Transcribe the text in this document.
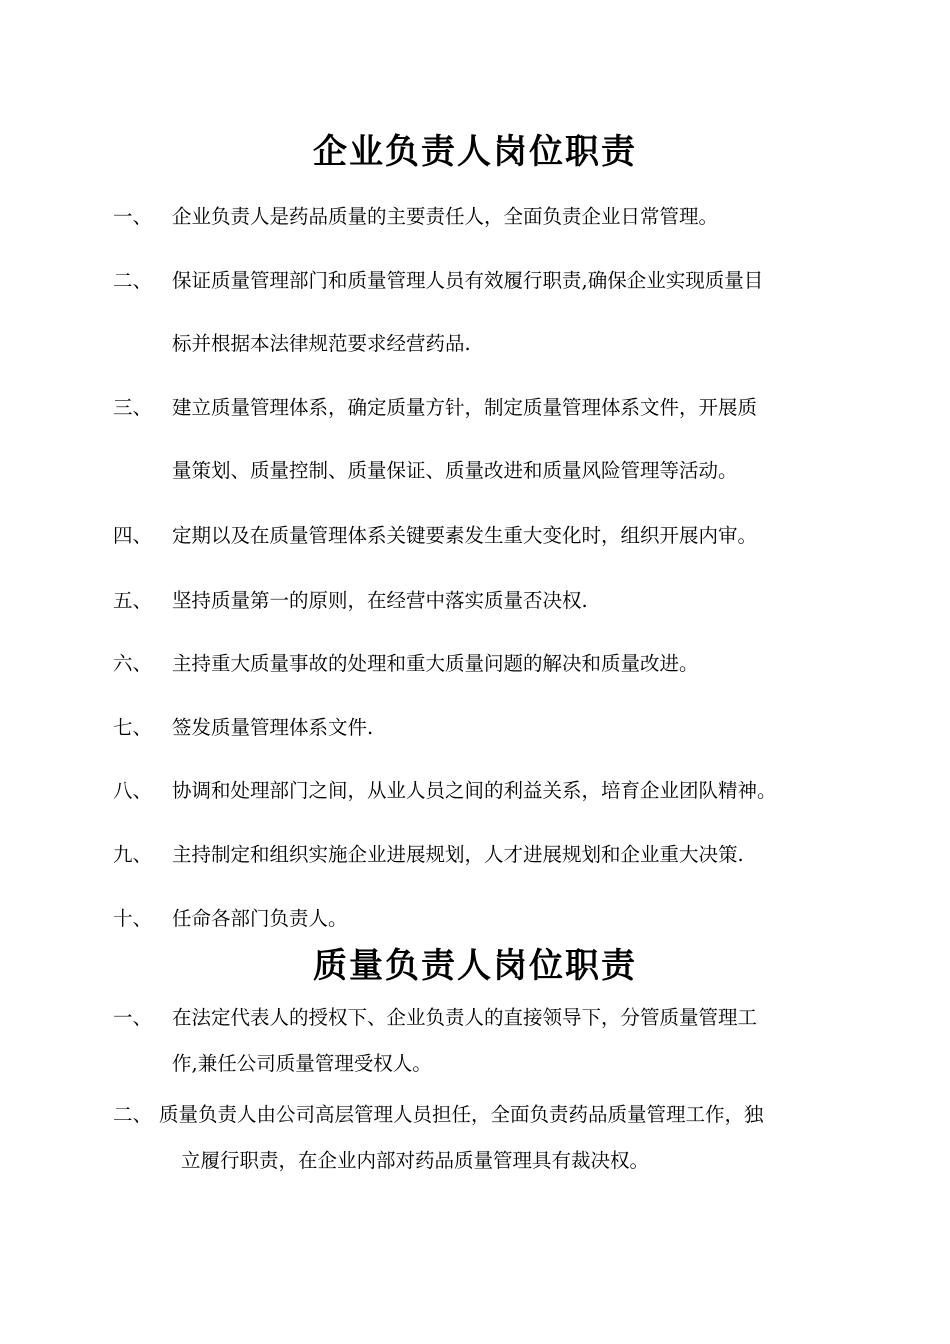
企业负责人岗位职责
一、 企业负责人是药品质量的主要责任人，全面负责企业日常管理。
二、 保证质量管理部门和质量管理人员有效履行职责,确保企业实现质量目
标并根据本法律规范要求经营药品.
三、 建立质量管理体系，确定质量方针，制定质量管理体系文件，开展质
量策划、质量控制、质量保证、质量改进和质量风险管理等活动。
四、 定期以及在质量管理体系关键要素发生重大变化时，组织开展内审。
五、 坚持质量第一的原则，在经营中落实质量否决权.
六、 主持重大质量事故的处理和重大质量问题的解决和质量改进。
七、 签发质量管理体系文件.
八、 协调和处理部门之间，从业人员之间的利益关系，培育企业团队精神。
九、 主持制定和组织实施企业进展规划，人才进展规划和企业重大决策.
十、 任命各部门负责人。
质量负责人岗位职责
一、 在法定代表人的授权下、企业负责人的直接领导下，分管质量管理工
作,兼任公司质量管理受权人。
二、 质量负责人由公司高层管理人员担任，全面负责药品质量管理工作，独
立履行职责，在企业内部对药品质量管理具有裁决权。
